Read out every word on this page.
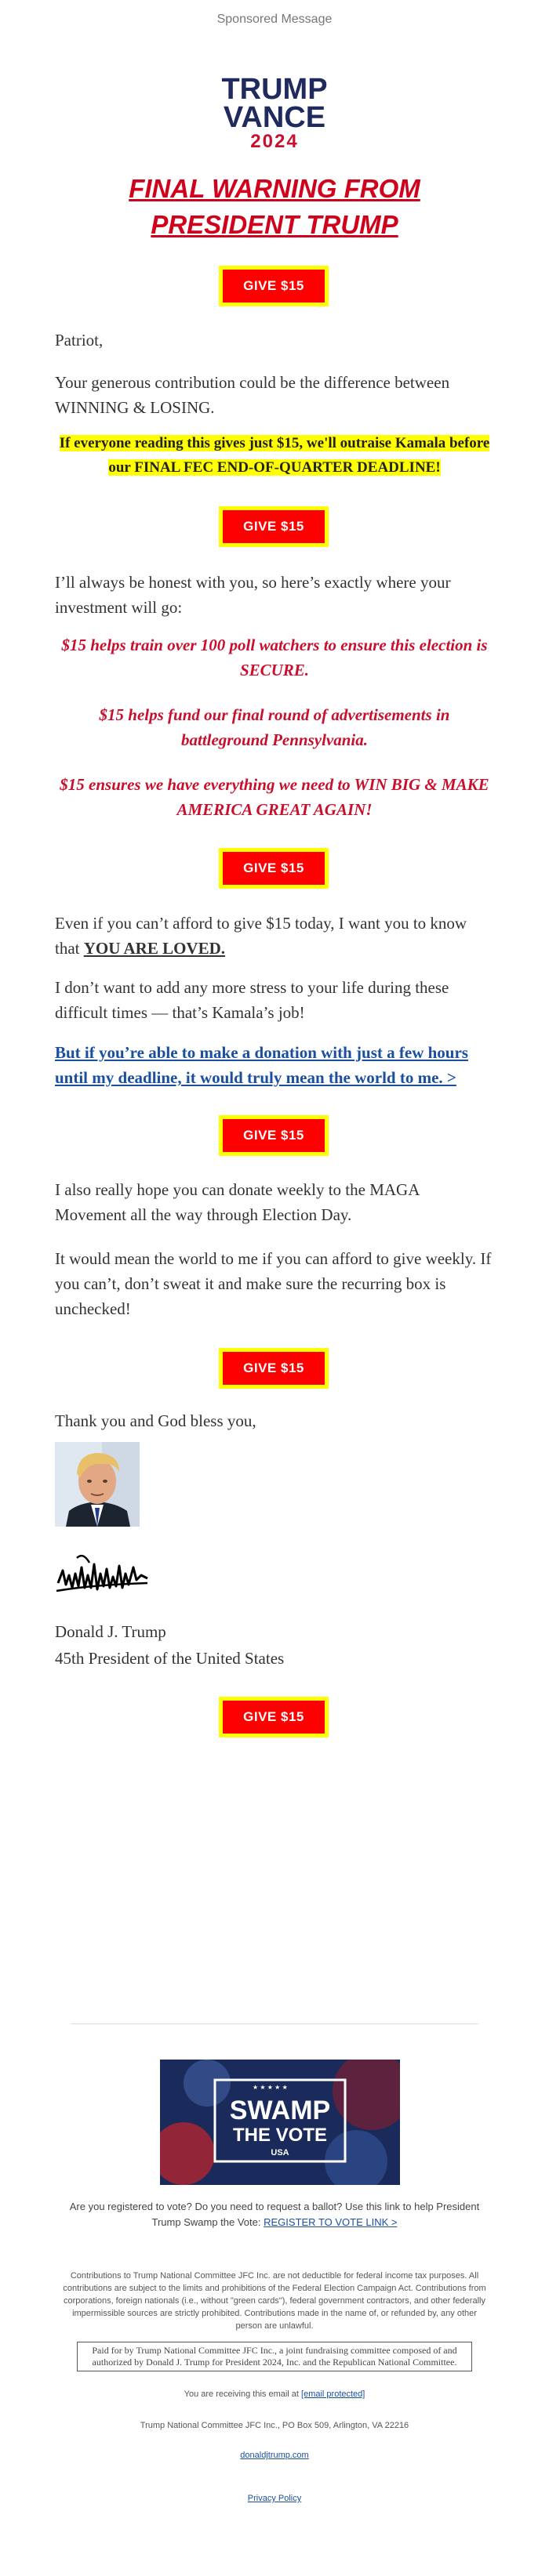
Sponsored Message
TRUMP
VANCE
2024
FINAL WARNING FROM PRESIDENT TRUMP
GIVE $15
Patriot,
Your generous contribution could be the difference between WINNING & LOSING.
If everyone reading this gives just $15, we'll outraise Kamala before our FINAL FEC END-OF-QUARTER DEADLINE!
GIVE $15
I’ll always be honest with you, so here’s exactly where your investment will go:
$15 helps train over 100 poll watchers to ensure this election is SECURE.
$15 helps fund our final round of advertisements in battleground Pennsylvania.
$15 ensures we have everything we need to WIN BIG & MAKE AMERICA GREAT AGAIN!
GIVE $15
Even if you can’t afford to give $15 today, I want you to know that YOU ARE LOVED.
I don’t want to add any more stress to your life during these difficult times — that’s Kamala’s job!
But if you’re able to make a donation with just a few hours until my deadline, it would truly mean the world to me. >
GIVE $15
I also really hope you can donate weekly to the MAGA Movement all the way through Election Day.
It would mean the world to me if you can afford to give weekly. If you can’t, don’t sweat it and make sure the recurring box is unchecked!
GIVE $15
Thank you and God bless you,
Donald J. Trump
45th President of the United States
GIVE $15
★ ★ ★ ★ ★
SWAMP
THE VOTE
USA
Are you registered to vote? Do you need to request a ballot? Use this link to help President Trump Swamp the Vote: REGISTER TO VOTE LINK >
Contributions to Trump National Committee JFC Inc. are not deductible for federal income tax purposes. All contributions are subject to the limits and prohibitions of the Federal Election Campaign Act. Contributions from corporations, foreign nationals (i.e., without "green cards"), federal government contractors, and other federally impermissible sources are strictly prohibited. Contributions made in the name of, or refunded by, any other person are unlawful.
Paid for by Trump National Committee JFC Inc., a joint fundraising committee composed of and authorized by Donald J. Trump for President 2024, Inc. and the Republican National Committee.
You are receiving this email at [email protected]
Trump National Committee JFC Inc., PO Box 509, Arlington, VA 22216
donaldjtrump.com
Privacy Policy
